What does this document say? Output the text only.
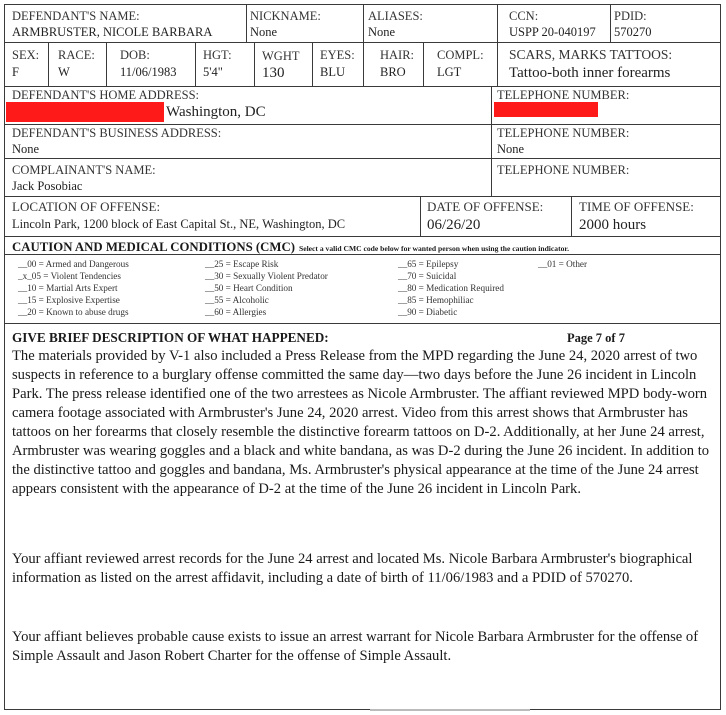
DEFENDANT'S NAME:
ARMBRUSTER, NICOLE BARBARA
NICKNAME:
None
ALIASES:
None
CCN:
USPP 20-040197
PDID:
570270
SEX:
F
RACE:
W
DOB:
11/06/1983
HGT:
5'4"
WGHT
130
EYES:
BLU
HAIR:
BRO
COMPL:
LGT
SCARS, MARKS TATTOOS:
Tattoo-both inner forearms
DEFENDANT'S HOME ADDRESS:
Washington, DC
TELEPHONE NUMBER:
DEFENDANT'S BUSINESS ADDRESS:
None
TELEPHONE NUMBER:
None
COMPLAINANT'S NAME:
Jack Posobiac
TELEPHONE NUMBER:
LOCATION OF OFFENSE:
Lincoln Park, 1200 block of East Capital St., NE, Washington, DC
DATE OF OFFENSE:
06/26/20
TIME OF OFFENSE:
2000 hours
CAUTION AND MEDICAL CONDITIONS (CMC) Select a valid CMC code below for wanted person when using the caution indicator.
__00 = Armed and Dangerous
_x_05 = Violent Tendencies
__10 = Martial Arts Expert
__15 = Explosive Expertise
__20 = Known to abuse drugs
__25 = Escape Risk
__30 = Sexually Violent Predator
__50 = Heart Condition
__55 = Alcoholic
__60 = Allergies
__65 = Epilepsy
__70 = Suicidal
__80 = Medication Required
__85 = Hemophiliac
__90 = Diabetic
__01 = Other
GIVE BRIEF DESCRIPTION OF WHAT HAPPENED:	Page 7 of 7

The materials provided by V-1 also included a Press Release from the MPD regarding the June 24, 2020 arrest of two suspects in reference to a burglary offense committed the same day—two days before the June 26 incident in Lincoln Park. The press release identified one of the two arrestees as Nicole Armbruster. The affiant reviewed MPD body-worn camera footage associated with Armbruster's June 24, 2020 arrest. Video from this arrest shows that Armbruster has tattoos on her forearms that closely resemble the distinctive forearm tattoos on D-2. Additionally, at her June 24 arrest, Armbruster was wearing goggles and a black and white bandana, as was D-2 during the June 26 incident. In addition to the distinctive tattoo and goggles and bandana, Ms. Armbruster's physical appearance at the time of the June 24 arrest appears consistent with the appearance of D-2 at the time of the June 26 incident in Lincoln Park.

Your affiant reviewed arrest records for the June 24 arrest and located Ms. Nicole Barbara Armbruster's biographical information as listed on the arrest affidavit, including a date of birth of 11/06/1983 and a PDID of 570270.

Your affiant believes probable cause exists to issue an arrest warrant for Nicole Barbara Armbruster for the offense of Simple Assault and Jason Robert Charter for the offense of Simple Assault.
